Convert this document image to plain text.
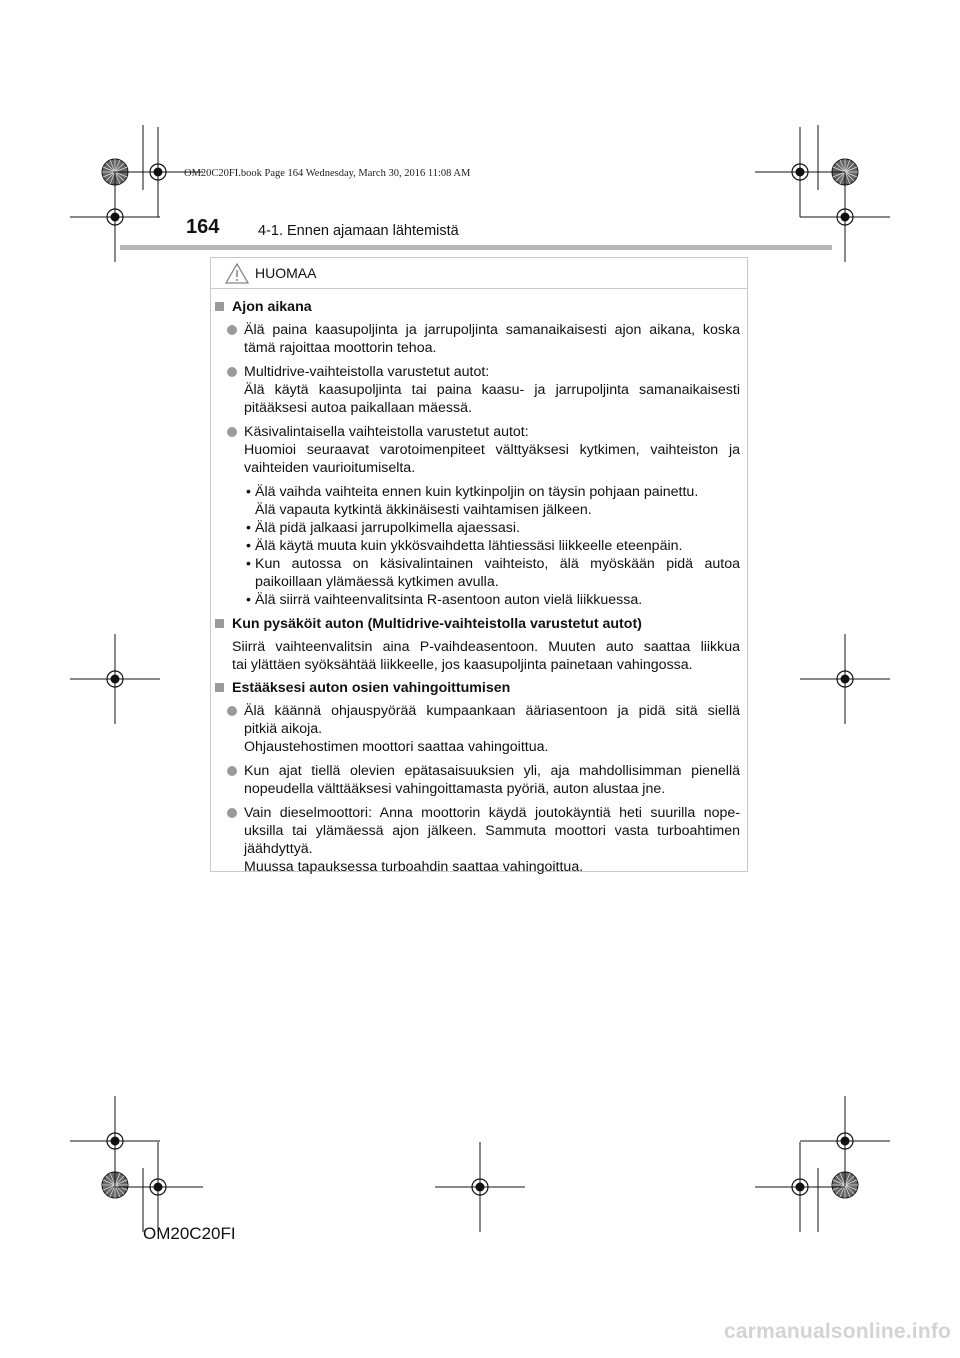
OM20C20FI.book Page 164 Wednesday, March 30, 2016 11:08 AM
164	4-1. Ennen ajamaan lähtemistä
HUOMAA
Ajon aikana
Älä paina kaasupoljinta ja jarrupoljinta samanaikaisesti ajon aikana, koska
tämä rajoittaa moottorin tehoa.
Multidrive-vaihteistolla varustetut autot:
Älä käytä kaasupoljinta tai paina kaasu- ja jarrupoljinta samanaikaisesti
pitääksesi autoa paikallaan mäessä.
Käsivalintaisella vaihteistolla varustetut autot:
Huomioi seuraavat varotoimenpiteet välttyäksesi kytkimen, vaihteiston ja
vaihteiden vaurioitumiselta.
• Älä vaihda vaihteita ennen kuin kytkinpoljin on täysin pohjaan painettu.
Älä vapauta kytkintä äkkinäisesti vaihtamisen jälkeen.
• Älä pidä jalkaasi jarrupolkimella ajaessasi.
• Älä käytä muuta kuin ykkösvaihdetta lähtiessäsi liikkeelle eteenpäin.
• Kun autossa on käsivalintainen vaihteisto, älä myöskään pidä autoa
paikoillaan ylämäessä kytkimen avulla.
• Älä siirrä vaihteenvalitsinta R-asentoon auton vielä liikkuessa.
Kun pysäköit auton (Multidrive-vaihteistolla varustetut autot)
Siirrä vaihteenvalitsin aina P-vaihdeasentoon. Muuten auto saattaa liikkua
tai ylättäen syöksähtää liikkeelle, jos kaasupoljinta painetaan vahingossa.
Estääksesi auton osien vahingoittumisen
Älä käännä ohjauspyörää kumpaankaan ääriasentoon ja pidä sitä siellä
pitkiä aikoja.
Ohjaustehostimen moottori saattaa vahingoittua.
Kun ajat tiellä olevien epätasaisuuksien yli, aja mahdollisimman pienellä
nopeudella välttääksesi vahingoittamasta pyöriä, auton alustaa jne.
Vain dieselmoottori: Anna moottorin käydä joutokäyntiä heti suurilla nope-
uksilla tai ylämäessä ajon jälkeen. Sammuta moottori vasta turboahtimen
jäähdyttyä.
Muussa tapauksessa turboahdin saattaa vahingoittua.
OM20C20FI
carmanualsonline.info
